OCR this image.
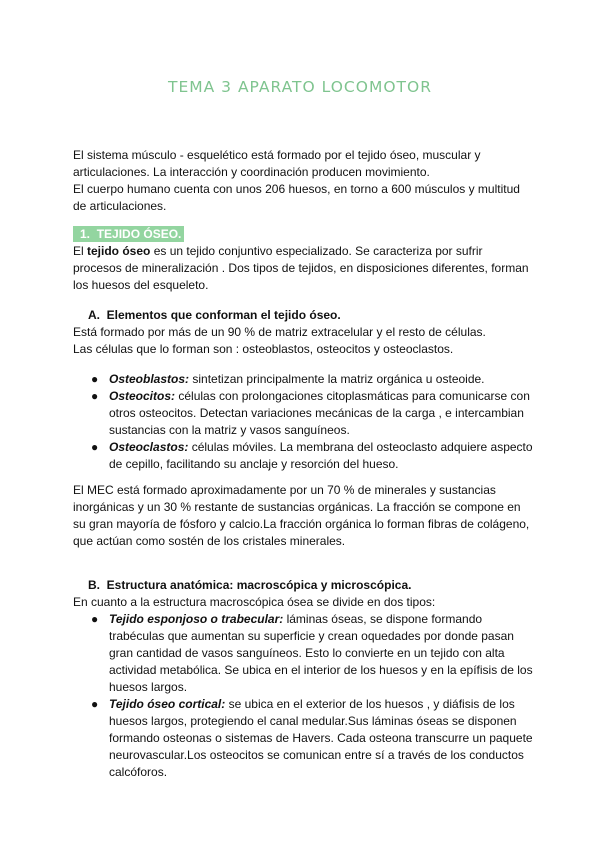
TEMA 3 APARATO LOCOMOTOR

El sistema músculo - esquelético está formado por el tejido óseo, muscular y articulaciones. La interacción y coordinación producen movimiento.

El cuerpo humano cuenta con unos 206 huesos, en torno a 600 músculos y multitud de articulaciones.

1. TEJIDO ÓSEO.

El tejido óseo es un tejido conjuntivo especializado. Se caracteriza por sufrir procesos de mineralización . Dos tipos de tejidos, en disposiciones diferentes, forman los huesos del esqueleto.

A. Elementos que conforman el tejido óseo.

Está formado por más de un 90 % de matriz extracelular y el resto de células.

Las células que lo forman son : osteoblastos, osteocitos y osteoclastos.

● Osteoblastos: sintetizan principalmente la matriz orgánica u osteoide.
● Osteocitos: células con prolongaciones citoplasmáticas para comunicarse con otros osteocitos. Detectan variaciones mecánicas de la carga , e intercambian sustancias con la matriz y vasos sanguíneos.
● Osteoclastos: células móviles. La membrana del osteoclasto adquiere aspecto de cepillo, facilitando su anclaje y resorción del hueso.

El MEC está formado aproximadamente por un 70 % de minerales y sustancias inorgánicas y un 30 % restante de sustancias orgánicas. La fracción se compone en su gran mayoría de fósforo y calcio.La fracción orgánica lo forman fibras de colágeno, que actúan como sostén de los cristales minerales.

B. Estructura anatómica: macroscópica y microscópica.

En cuanto a la estructura macroscópica ósea se divide en dos tipos:

● Tejido esponjoso o trabecular: láminas óseas, se dispone formando trabéculas que aumentan su superficie y crean oquedades por donde pasan gran cantidad de vasos sanguíneos. Esto lo convierte en un tejido con alta actividad metabólica. Se ubica en el interior de los huesos y en la epífisis de los huesos largos.
● Tejido óseo cortical: se ubica en el exterior de los huesos , y diáfisis de los huesos largos, protegiendo el canal medular.Sus láminas óseas se disponen formando osteonas o sistemas de Havers. Cada osteona transcurre un paquete neurovascular.Los osteocitos se comunican entre sí a través de los conductos calcóforos.
